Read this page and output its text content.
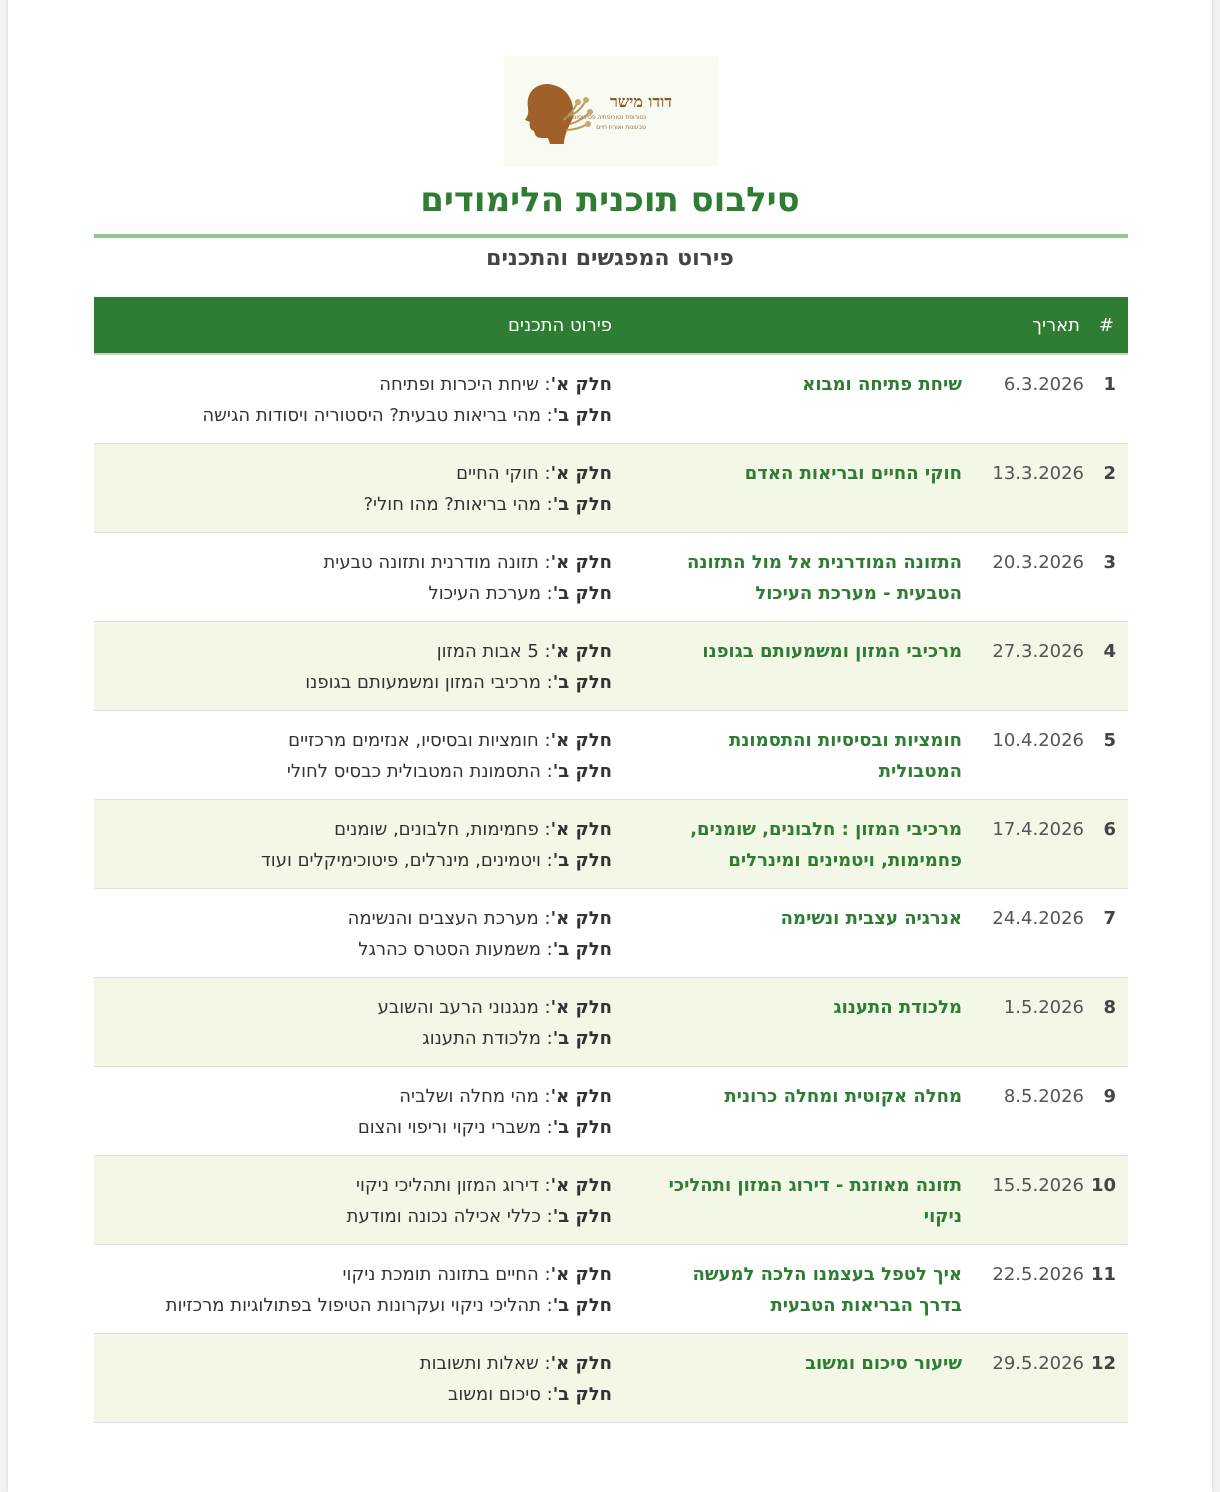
דודו מישר
נטורופת נטורופתיה פסיכוסומטית
טבעונות ואורח חיים
סילבוס תוכנית הלימודים
פירוט המפגשים והתכנים
#	תאריך		פירוט התכנים
1	6.3.2026	שיחת פתיחה ומבוא	חלק א': שיחת היכרות ופתיחה
חלק ב': מהי בריאות טבעית? היסטוריה ויסודות הגישה

2	13.3.2026	חוקי החיים ובריאות האדם	חלק א': חוקי החיים
חלק ב': מהי בריאות? מהו חולי?

3	20.3.2026	התזונה המודרנית אל מול התזונה הטבעית - מערכת העיכול	חלק א': תזונה מודרנית ותזונה טבעית
חלק ב': מערכת העיכול

4	27.3.2026	מרכיבי המזון ומשמעותם בגופנו	חלק א': 5 אבות המזון
חלק ב': מרכיבי המזון ומשמעותם בגופנו

5	10.4.2026	חומציות ובסיסיות והתסמונת המטבולית	חלק א': חומציות ובסיסיו, אנזימים מרכזיים
חלק ב': התסמונת המטבולית כבסיס לחולי

6	17.4.2026	מרכיבי המזון : חלבונים, שומנים, פחמימות, ויטמינים ומינרלים	חלק א': פחמימות, חלבונים, שומנים
חלק ב': ויטמינים, מינרלים, פיטוכימיקלים ועוד

7	24.4.2026	אנרגיה עצבית ונשימה	חלק א': מערכת העצבים והנשימה
חלק ב': משמעות הסטרס כהרגל

8	1.5.2026	מלכודת התענוג	חלק א': מנגנוני הרעב והשובע
חלק ב': מלכודת התענוג

9	8.5.2026	מחלה אקוטית ומחלה כרונית	חלק א': מהי מחלה ושלביה
חלק ב': משברי ניקוי וריפוי והצום

10	15.5.2026	תזונה מאוזנת - דירוג המזון ותהליכי ניקוי	חלק א': דירוג המזון ותהליכי ניקוי
חלק ב': כללי אכילה נכונה ומודעת

11	22.5.2026	איך לטפל בעצמנו הלכה למעשה בדרך הבריאות הטבעית	חלק א': החיים בתזונה תומכת ניקוי
חלק ב': תהליכי ניקוי ועקרונות הטיפול בפתולוגיות מרכזיות

12	29.5.2026	שיעור סיכום ומשוב	חלק א': שאלות ותשובות
חלק ב': סיכום ומשוב
